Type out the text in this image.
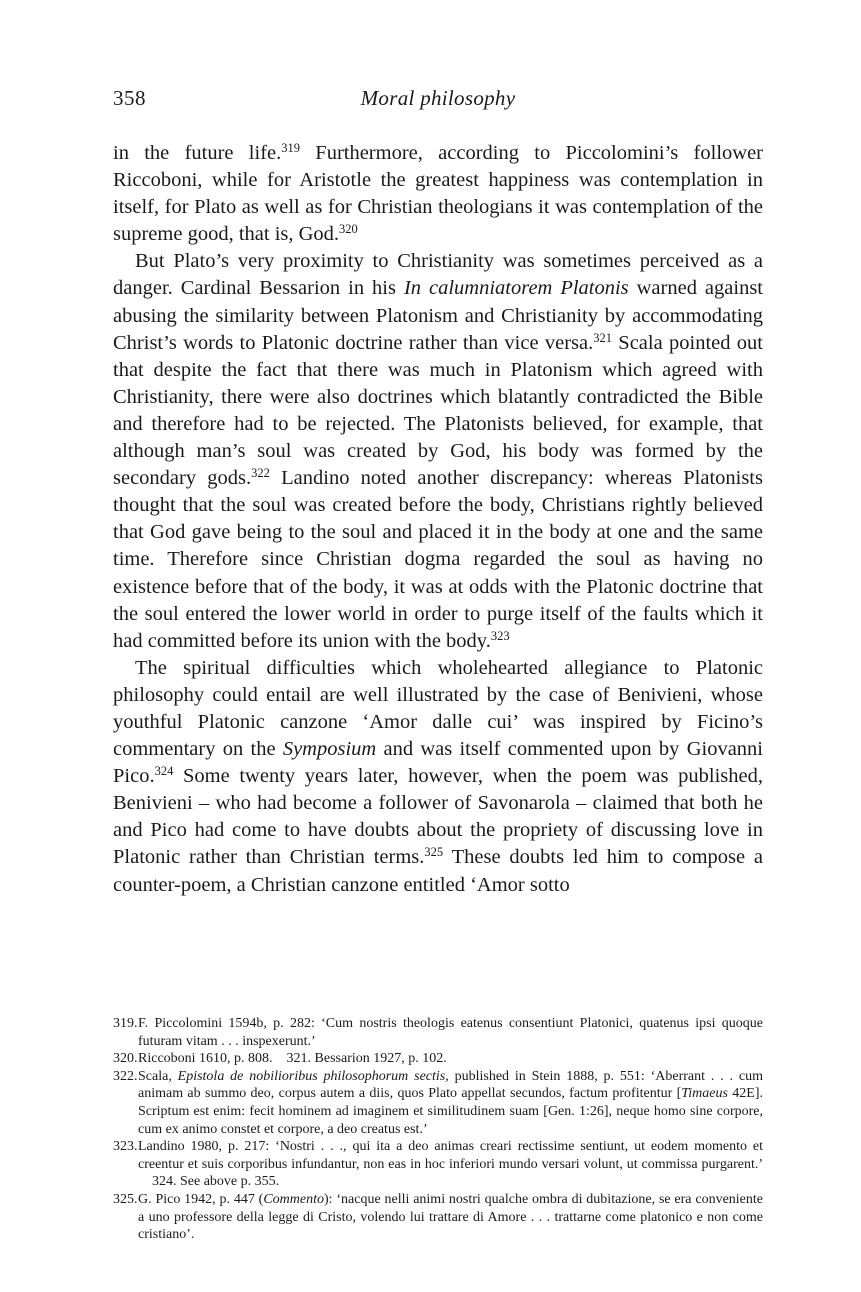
358	Moral philosophy

in the future life.$^{319}$ Furthermore, according to Piccolomini’s follower Riccoboni, while for Aristotle the greatest happiness was contemplation in itself, for Plato as well as for Christian theologians it was contemplation of the supreme good, that is, God.$^{320}$

But Plato’s very proximity to Christianity was sometimes perceived as a danger. Cardinal Bessarion in his In calumniatorem Platonis warned against abusing the similarity between Platonism and Christianity by accommodating Christ’s words to Platonic doctrine rather than vice versa.$^{321}$ Scala pointed out that despite the fact that there was much in Platonism which agreed with Christianity, there were also doctrines which blatantly contradicted the Bible and therefore had to be rejected. The Platonists believed, for example, that although man’s soul was created by God, his body was formed by the secondary gods.$^{322}$ Landino noted another discrepancy: whereas Platonists thought that the soul was created before the body, Christians rightly believed that God gave being to the soul and placed it in the body at one and the same time. Therefore since Christian dogma regarded the soul as having no existence before that of the body, it was at odds with the Platonic doctrine that the soul entered the lower world in order to purge itself of the faults which it had committed before its union with the body.$^{323}$

The spiritual difficulties which wholehearted allegiance to Platonic philosophy could entail are well illustrated by the case of Benivieni, whose youthful Platonic canzone ‘Amor dalle cui’ was inspired by Ficino’s commentary on the Symposium and was itself commented upon by Giovanni Pico.$^{324}$ Some twenty years later, however, when the poem was published, Benivieni – who had become a follower of Savonarola – claimed that both he and Pico had come to have doubts about the propriety of discussing love in Platonic rather than Christian terms.$^{325}$ These doubts led him to compose a counter-poem, a Christian canzone entitled ‘Amor sotto

319. F. Piccolomini 1594b, p. 282: ‘Cum nostris theologis eatenus consentiunt Platonici, quatenus ipsi quoque futuram vitam . . . inspexerunt.’
320. Riccoboni 1610, p. 808. 321. Bessarion 1927, p. 102.
322. Scala, Epistola de nobilioribus philosophorum sectis, published in Stein 1888, p. 551: ‘Aberrant . . . cum animam ab summo deo, corpus autem a diis, quos Plato appellat secundos, factum profitentur [Timaeus 42E]. Scriptum est enim: fecit hominem ad imaginem et similitudinem suam [Gen. 1:26], neque homo sine corpore, cum ex animo constet et corpore, a deo creatus est.’
323. Landino 1980, p. 217: ‘Nostri . . ., qui ita a deo animas creari rectissime sentiunt, ut eodem momento et creentur et suis corporibus infundantur, non eas in hoc inferiori mundo versari volunt, ut commissa purgarent.’324. See above p. 355.
325. G. Pico 1942, p. 447 (Commento): ‘nacque nelli animi nostri qualche ombra di dubitazione, se era conveniente a uno professore della legge di Cristo, volendo lui trattare di Amore . . . trattarne come platonico e non come cristiano’.
